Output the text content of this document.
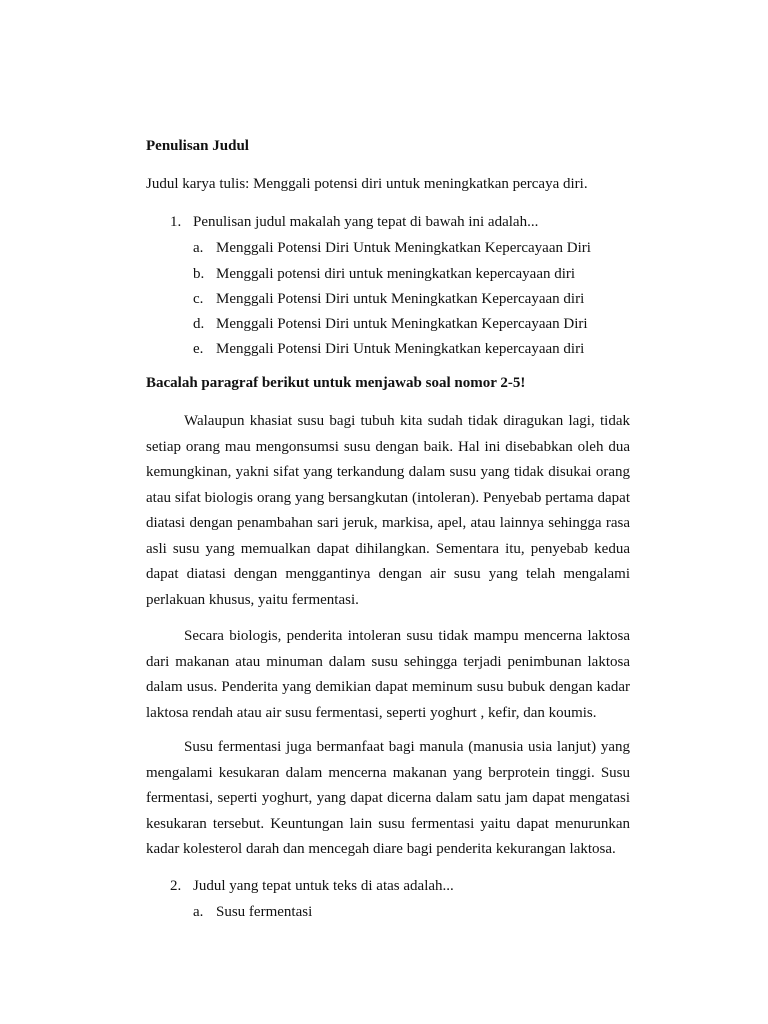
Penulisan Judul

Judul karya tulis: Menggali potensi diri untuk meningkatkan percaya diri.

1. Penulisan judul makalah yang tepat di bawah ini adalah...
a. Menggali Potensi Diri Untuk Meningkatkan Kepercayaan Diri
b. Menggali potensi diri untuk meningkatkan kepercayaan diri
c. Menggali Potensi Diri untuk Meningkatkan Kepercayaan diri
d. Menggali Potensi Diri untuk Meningkatkan Kepercayaan Diri
e. Menggali Potensi Diri Untuk Meningkatkan kepercayaan diri

Bacalah paragraf berikut untuk menjawab soal nomor 2-5!

Walaupun khasiat susu bagi tubuh kita sudah tidak diragukan lagi, tidak setiap orang mau mengonsumsi susu dengan baik. Hal ini disebabkan oleh dua kemungkinan, yakni sifat yang terkandung dalam susu yang tidak disukai orang atau sifat biologis orang yang bersangkutan (intoleran). Penyebab pertama dapat diatasi dengan penambahan sari jeruk, markisa, apel, atau lainnya sehingga rasa asli susu yang memualkan dapat dihilangkan. Sementara itu, penyebab kedua dapat diatasi dengan menggantinya dengan air susu yang telah mengalami perlakuan khusus, yaitu fermentasi.

Secara biologis, penderita intoleran susu tidak mampu mencerna laktosa dari makanan atau minuman dalam susu sehingga terjadi penimbunan laktosa dalam usus. Penderita yang demikian dapat meminum susu bubuk dengan kadar laktosa rendah atau air susu fermentasi, seperti yoghurt , kefir, dan koumis.

Susu fermentasi juga bermanfaat bagi manula (manusia usia lanjut) yang mengalami kesukaran dalam mencerna makanan yang berprotein tinggi. Susu fermentasi, seperti yoghurt, yang dapat dicerna dalam satu jam dapat mengatasi kesukaran tersebut. Keuntungan lain susu fermentasi yaitu dapat menurunkan kadar kolesterol darah dan mencegah diare bagi penderita kekurangan laktosa.

2. Judul yang tepat untuk teks di atas adalah...
a. Susu fermentasi
